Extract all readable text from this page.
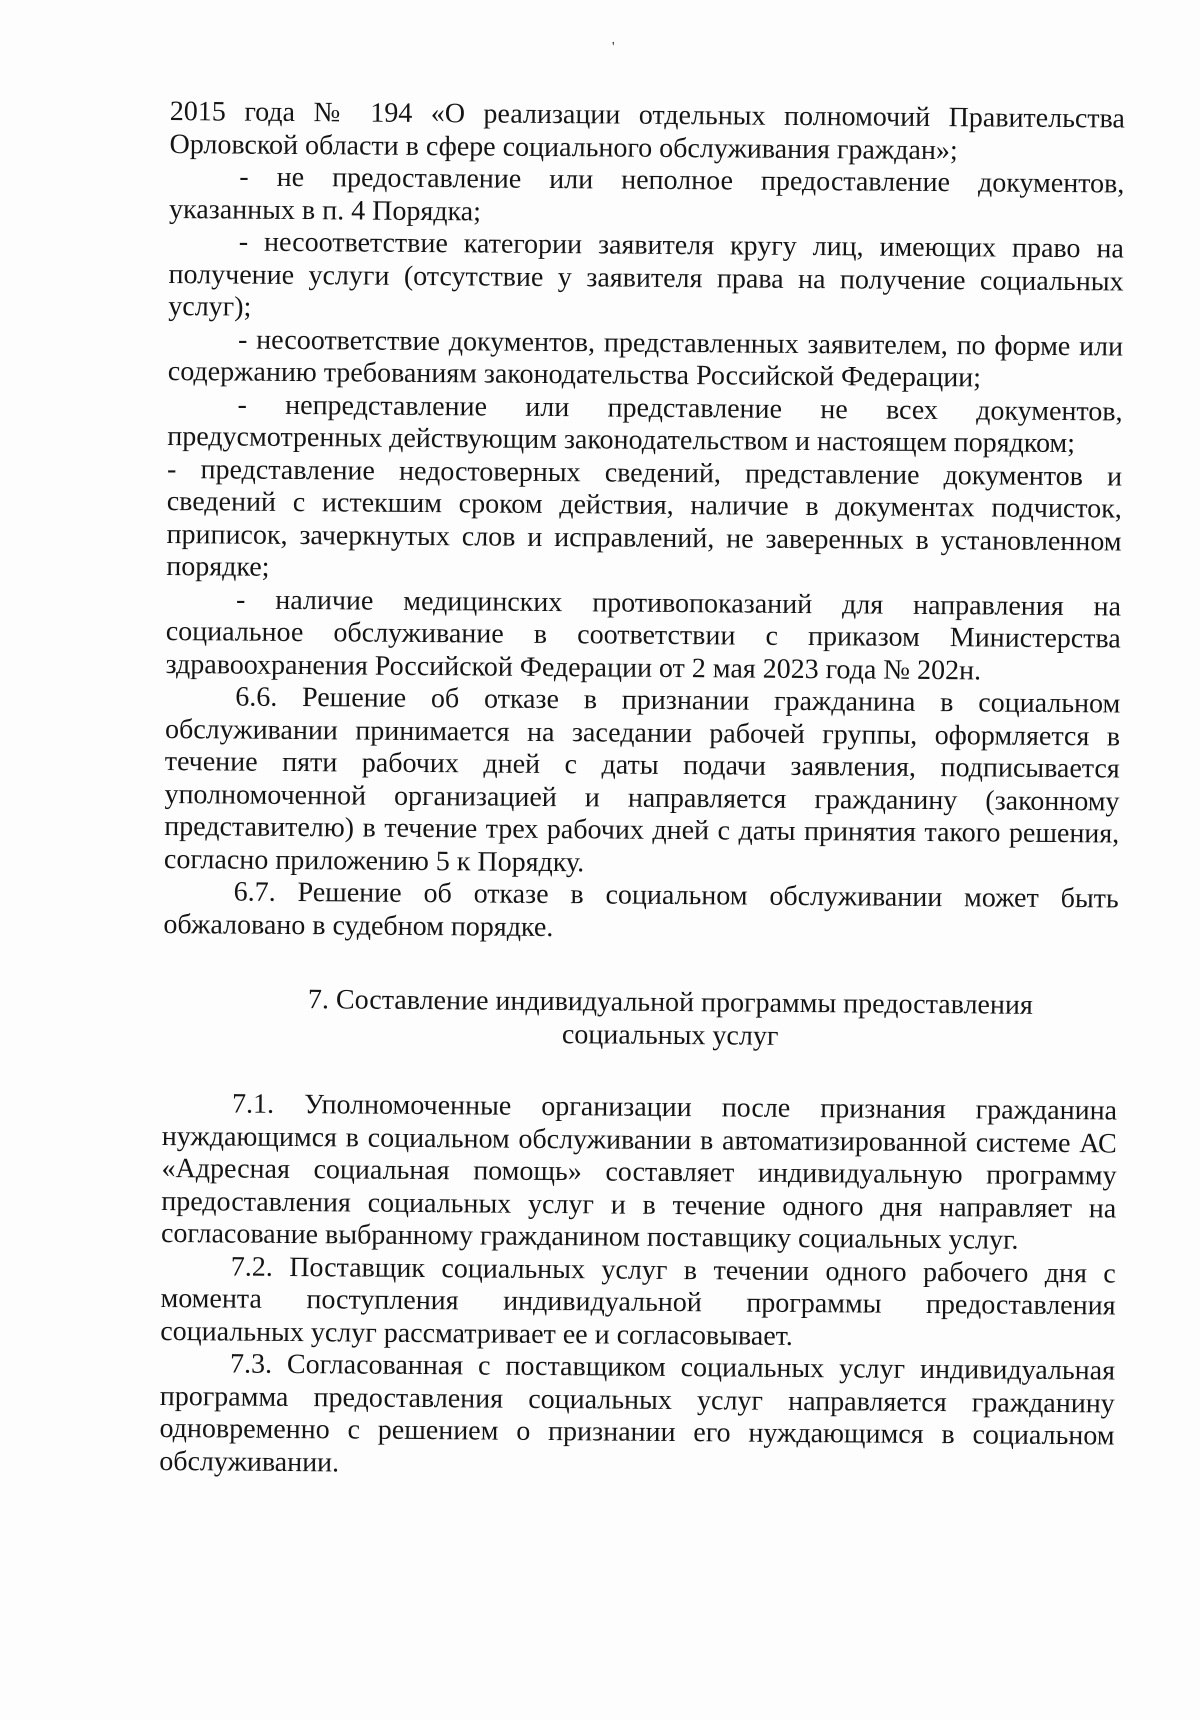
'

2015 года № 194 «О реализации отдельных полномочий Правительства Орловской области в сфере социального обслуживания граждан»;

- не предоставление или неполное предоставление документов, указанных в п. 4 Порядка;

- несоответствие категории заявителя кругу лиц, имеющих право на получение услуги (отсутствие у заявителя права на получение социальных услуг);

- несоответствие документов, представленных заявителем, по форме или содержанию требованиям законодательства Российской Федерации;

- непредставление или представление не всех документов, предусмотренных действующим законодательством и настоящем порядком;

- представление недостоверных сведений, представление документов и сведений с истекшим сроком действия, наличие в документах подчисток, приписок, зачеркнутых слов и исправлений, не заверенных в установленном порядке;

- наличие медицинских противопоказаний для направления на социальное обслуживание в соответствии с приказом Министерства здравоохранения Российской Федерации от 2 мая 2023 года № 202н.

6.6. Решение об отказе в признании гражданина в социальном обслуживании принимается на заседании рабочей группы, оформляется в течение пяти рабочих дней с даты подачи заявления, подписывается уполномоченной организацией и направляется гражданину (законному представителю) в течение трех рабочих дней с даты принятия такого решения, согласно приложению 5 к Порядку.

6.7. Решение об отказе в социальном обслуживании может быть обжаловано в судебном порядке.

7. Составление индивидуальной программы предоставления
социальных услуг

7.1. Уполномоченные организации после признания гражданина нуждающимся в социальном обслуживании в автоматизированной системе АС «Адресная социальная помощь» составляет индивидуальную программу предоставления социальных услуг и в течение одного дня направляет на согласование выбранному гражданином поставщику социальных услуг.

7.2. Поставщик социальных услуг в течении одного рабочего дня с момента поступления индивидуальной программы предоставления социальных услуг рассматривает ее и согласовывает.

7.3. Согласованная с поставщиком социальных услуг индивидуальная программа предоставления социальных услуг направляется гражданину одновременно с решением о признании его нуждающимся в социальном обслуживании.
